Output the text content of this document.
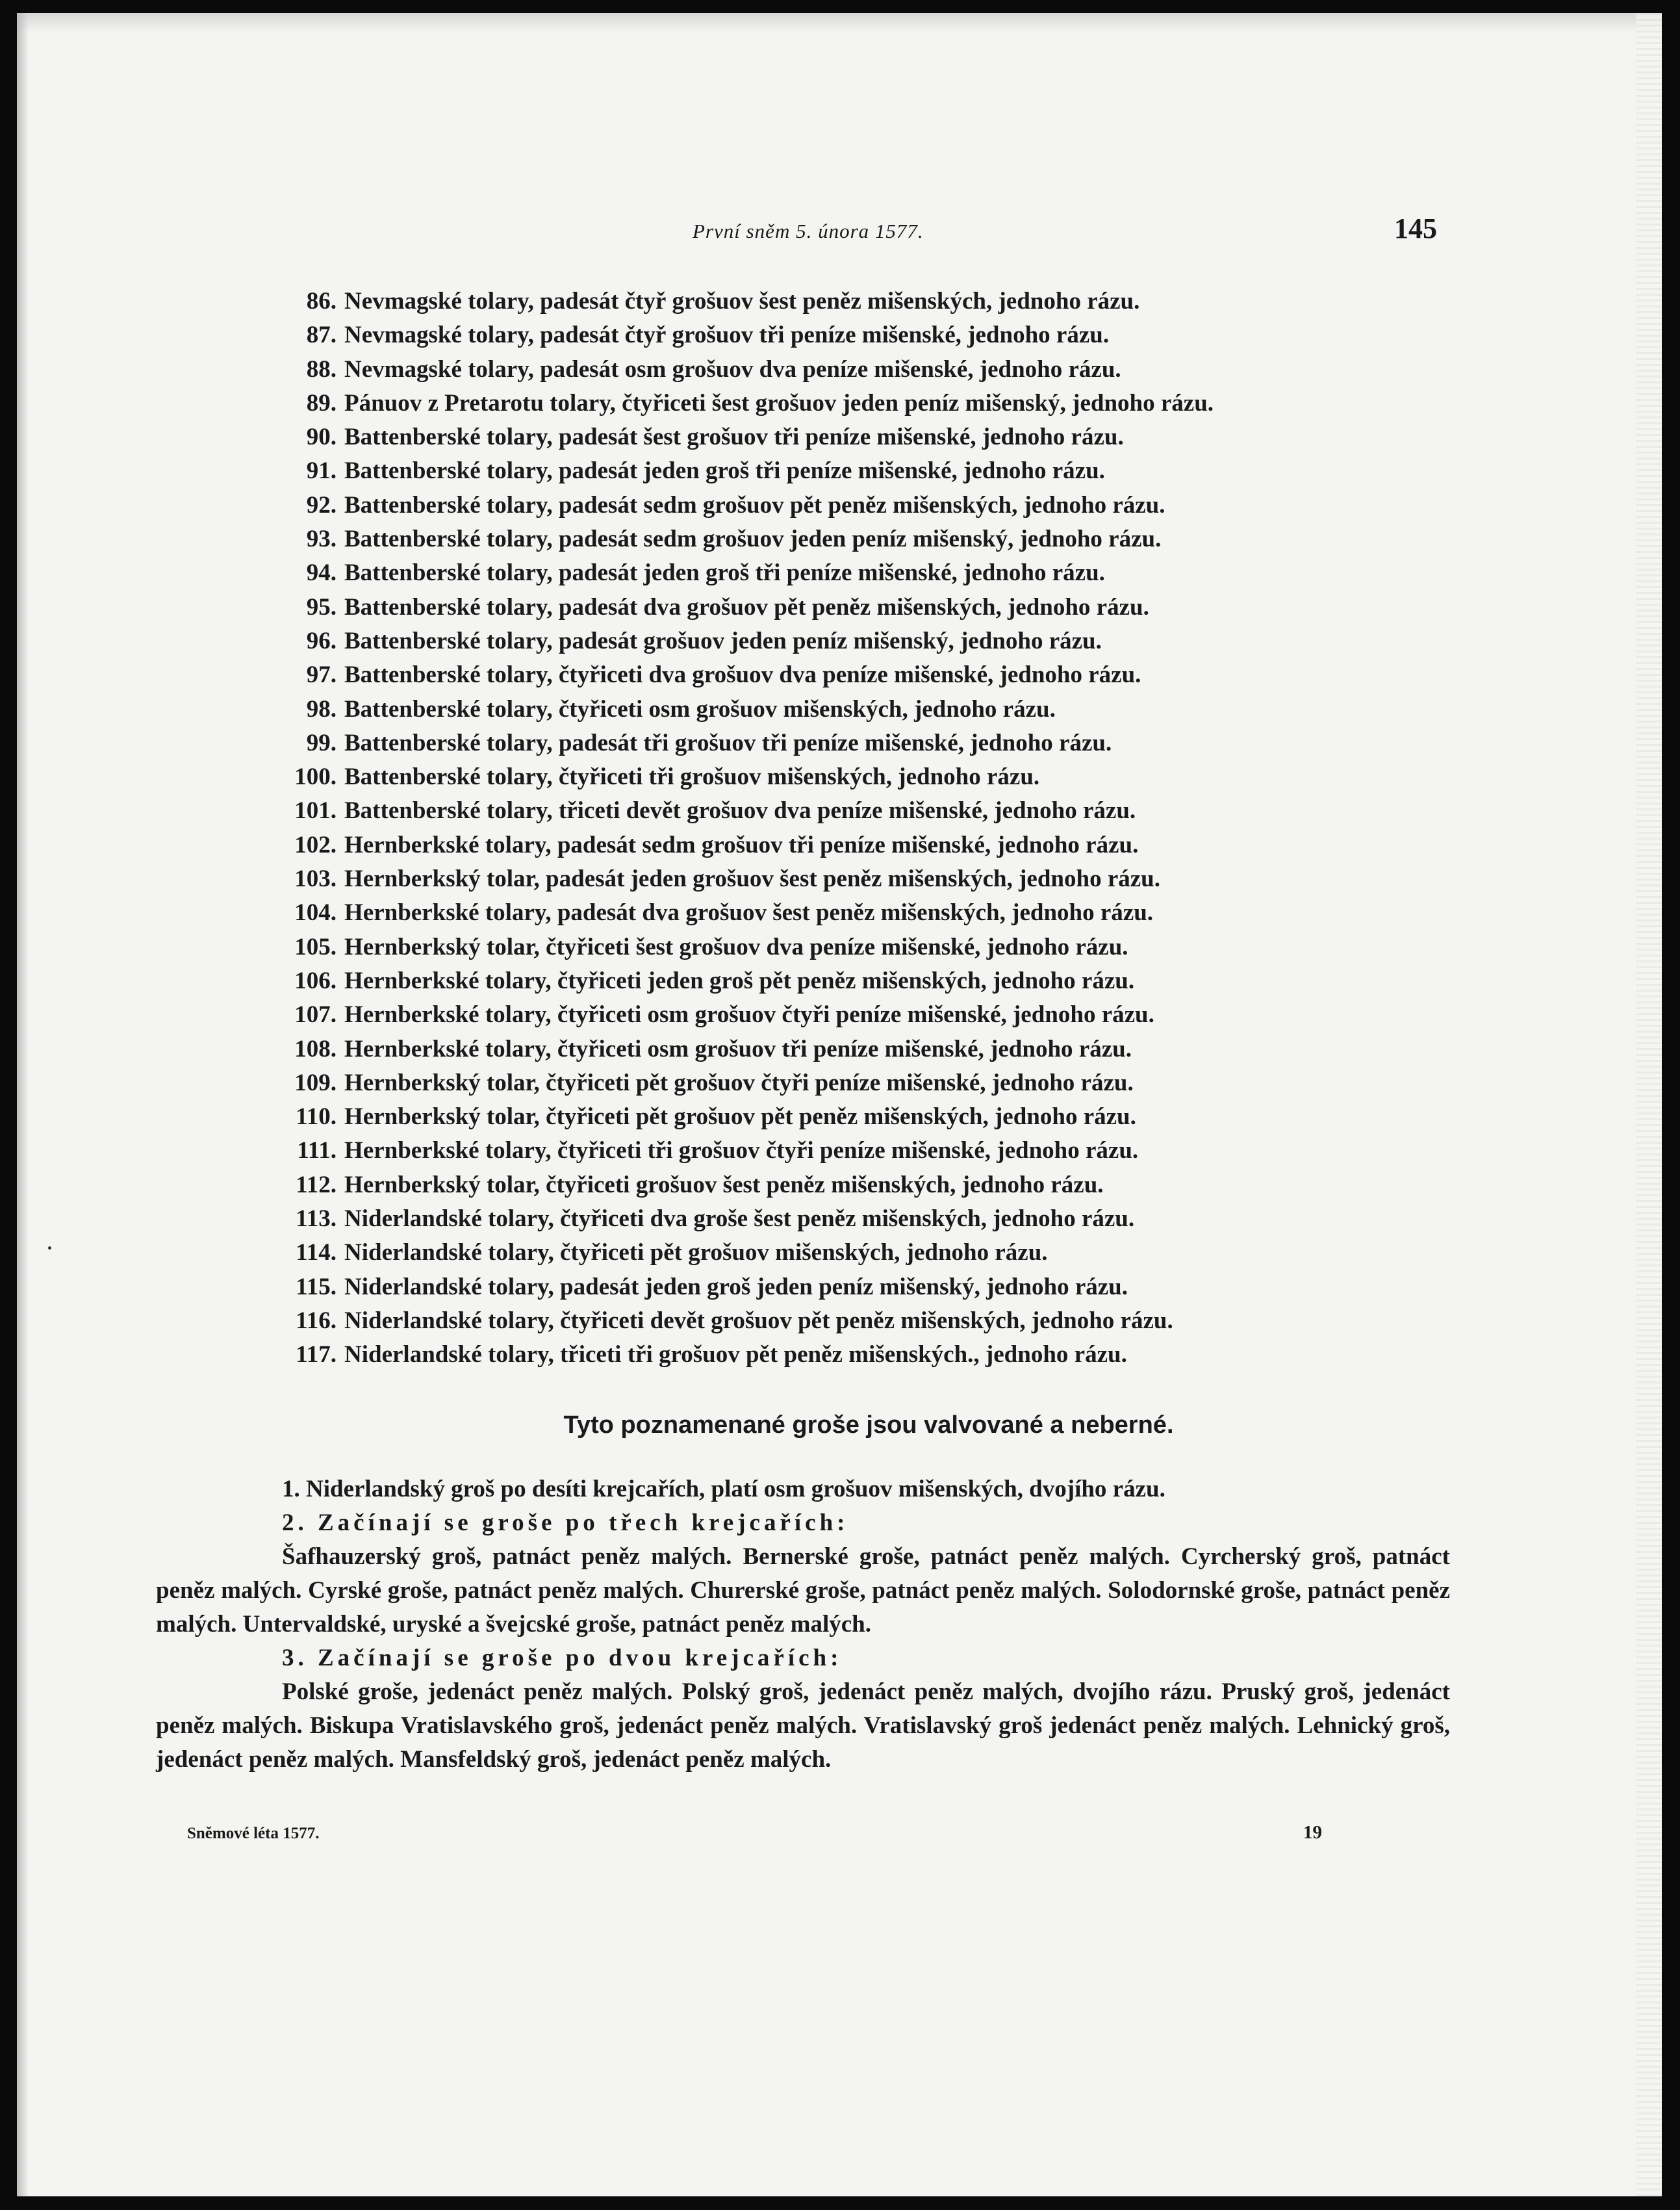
První sněm 5. února 1577.	145
86. Nevmagské tolary, padesát čtyř grošuov šest peněz mišenských, jednoho rázu.
87. Nevmagské tolary, padesát čtyř grošuov tři peníze mišenské, jednoho rázu.
88. Nevmagské tolary, padesát osm grošuov dva peníze mišenské, jednoho rázu.
89. Pánuov z Pretarotu tolary, čtyřiceti šest grošuov jeden peníz mišenský, jednoho rázu.
90. Battenberské tolary, padesát šest grošuov tři peníze mišenské, jednoho rázu.
91. Battenberské tolary, padesát jeden groš tři peníze mišenské, jednoho rázu.
92. Battenberské tolary, padesát sedm grošuov pět peněz mišenských, jednoho rázu.
93. Battenberské tolary, padesát sedm grošuov jeden peníz mišenský, jednoho rázu.
94. Battenberské tolary, padesát jeden groš tři peníze mišenské, jednoho rázu.
95. Battenberské tolary, padesát dva grošuov pět peněz mišenských, jednoho rázu.
96. Battenberské tolary, padesát grošuov jeden peníz mišenský, jednoho rázu.
97. Battenberské tolary, čtyřiceti dva grošuov dva peníze mišenské, jednoho rázu.
98. Battenberské tolary, čtyřiceti osm grošuov mišenských, jednoho rázu.
99. Battenberské tolary, padesát tři grošuov tři peníze mišenské, jednoho rázu.
100. Battenberské tolary, čtyřiceti tři grošuov mišenských, jednoho rázu.
101. Battenberské tolary, třiceti devět grošuov dva peníze mišenské, jednoho rázu.
102. Hernberkské tolary, padesát sedm grošuov tři peníze mišenské, jednoho rázu.
103. Hernberkský tolar, padesát jeden grošuov šest peněz mišenských, jednoho rázu.
104. Hernberkské tolary, padesát dva grošuov šest peněz mišenských, jednoho rázu.
105. Hernberkský tolar, čtyřiceti šest grošuov dva peníze mišenské, jednoho rázu.
106. Hernberkské tolary, čtyřiceti jeden groš pět peněz mišenských, jednoho rázu.
107. Hernberkské tolary, čtyřiceti osm grošuov čtyři peníze mišenské, jednoho rázu.
108. Hernberkské tolary, čtyřiceti osm grošuov tři peníze mišenské, jednoho rázu.
109. Hernberkský tolar, čtyřiceti pět grošuov čtyři peníze mišenské, jednoho rázu.
110. Hernberkský tolar, čtyřiceti pět grošuov pět peněz mišenských, jednoho rázu.
111. Hernberkské tolary, čtyřiceti tři grošuov čtyři peníze mišenské, jednoho rázu.
112. Hernberkský tolar, čtyřiceti grošuov šest peněz mišenských, jednoho rázu.
113. Niderlandské tolary, čtyřiceti dva groše šest peněz mišenských, jednoho rázu.
114. Niderlandské tolary, čtyřiceti pět grošuov mišenských, jednoho rázu.
115. Niderlandské tolary, padesát jeden groš jeden peníz mišenský, jednoho rázu.
116. Niderlandské tolary, čtyřiceti devět grošuov pět peněz mišenských, jednoho rázu.
117. Niderlandské tolary, třiceti tři grošuov pět peněz mišenských., jednoho rázu.
Tyto poznamenané groše jsou valvované a neberné.

1. Niderlandský groš po desíti krejcařích, platí osm grošuov mišenských, dvojího rázu.

2. Začínají se groše po třech krejcařích:

Šafhauzerský groš, patnáct peněz malých. Bernerské groše, patnáct peněz malých. Cyrcherský groš, patnáct peněz malých. Cyrské groše, patnáct peněz malých. Churerské groše, patnáct peněz malých. Solodornské groše, patnáct peněz malých. Untervaldské, uryské a švejcské groše, patnáct peněz malých.

3. Začínají se groše po dvou krejcařích:

Polské groše, jedenáct peněz malých. Polský groš, jedenáct peněz malých, dvojího rázu. Pruský groš, jedenáct peněz malých. Biskupa Vratislavského groš, jedenáct peněz malých. Vratislavský groš jedenáct peněz malých. Lehnický groš, jedenáct peněz malých. Mansfeldský groš, jedenáct peněz malých.

Sněmové léta 1577.	19
